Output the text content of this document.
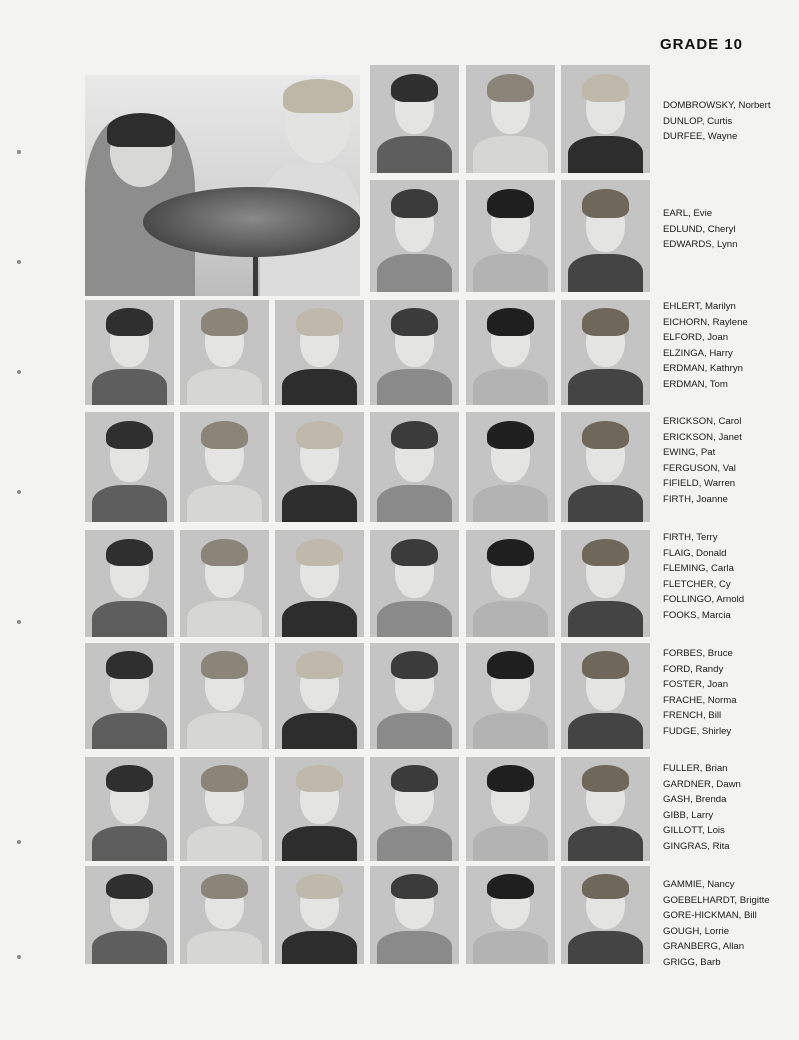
GRADE 10
DOMBROWSKY, Norbert
DUNLOP, Curtis
DURFEE, Wayne
EARL, Evie
EDLUND, Cheryl
EDWARDS, Lynn
EHLERT, Marilyn
EICHORN, Raylene
ELFORD, Joan
ELZINGA, Harry
ERDMAN, Kathryn
ERDMAN, Tom
ERICKSON, Carol
ERICKSON, Janet
EWING, Pat
FERGUSON, Val
FIFIELD, Warren
FIRTH, Joanne
FIRTH, Terry
FLAIG, Donald
FLEMING, Carla
FLETCHER, Cy
FOLLINGO, Arnold
FOOKS, Marcia
FORBES, Bruce
FORD, Randy
FOSTER, Joan
FRACHE, Norma
FRENCH, Bill
FUDGE, Shirley
FULLER, Brian
GARDNER, Dawn
GASH, Brenda
GIBB, Larry
GILLOTT, Lois
GINGRAS, Rita
GAMMIE, Nancy
GOEBELHARDT, Brigitte
GORE-HICKMAN, Bill
GOUGH, Lorrie
GRANBERG, Allan
GRIGG, Barb
